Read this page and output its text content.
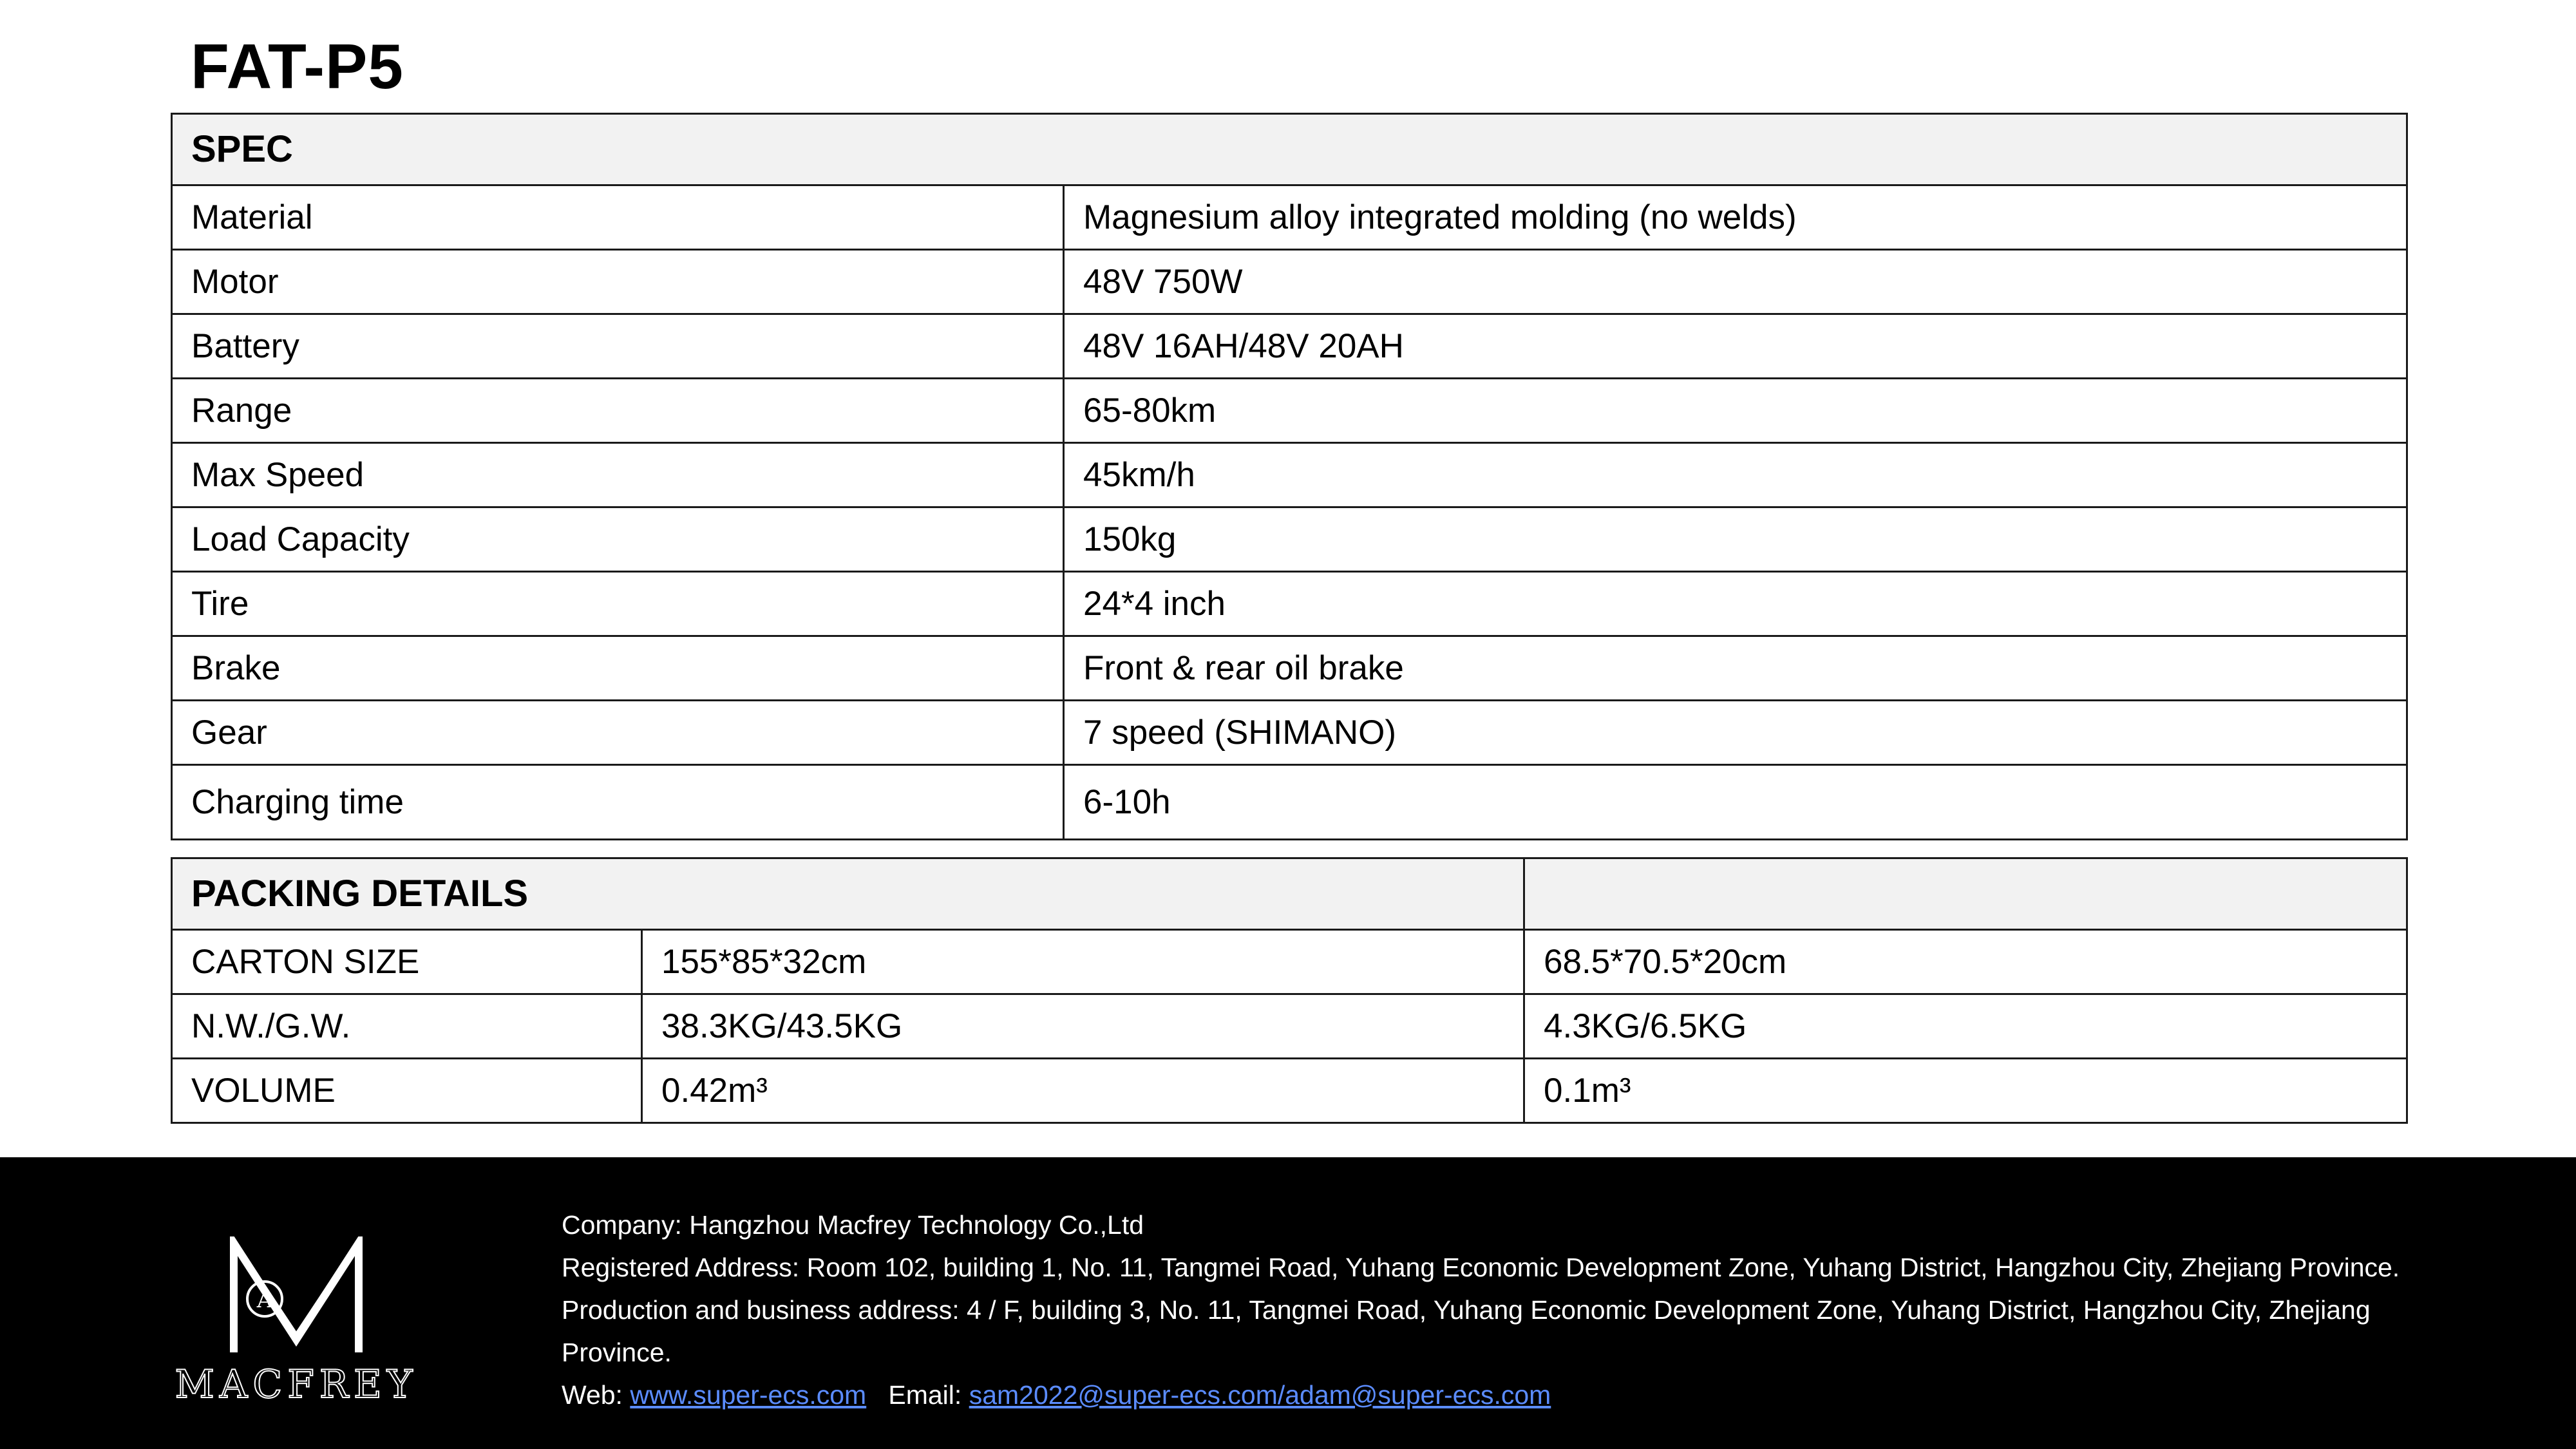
FAT-P5
SPEC	
Material	Magnesium alloy integrated molding (no welds)
Motor	48V 750W
Battery	48V 16AH/48V 20AH
Range	65-80km
Max Speed	45km/h
Load Capacity	150kg
Tire	24*4 inch
Brake	Front & rear oil brake
Gear	7 speed (SHIMANO)
Charging time	6-10h
PACKING DETAILS		
CARTON SIZE	155*85*32cm	68.5*70.5*20cm
N.W./G.W.	38.3KG/43.5KG	4.3KG/6.5KG
VOLUME	0.42m³	0.1m³
A
MACFREY
Company: Hangzhou Macfrey Technology Co.,Ltd
Registered Address: Room 102, building 1, No. 11, Tangmei Road, Yuhang Economic Development Zone, Yuhang District, Hangzhou City, Zhejiang Province.
Production and business address: 4 / F, building 3, No. 11, Tangmei Road, Yuhang Economic Development Zone, Yuhang District, Hangzhou City, Zhejiang
Province.
Web: www.super-ecs.com Email: sam2022@super-ecs.com/adam@super-ecs.com
